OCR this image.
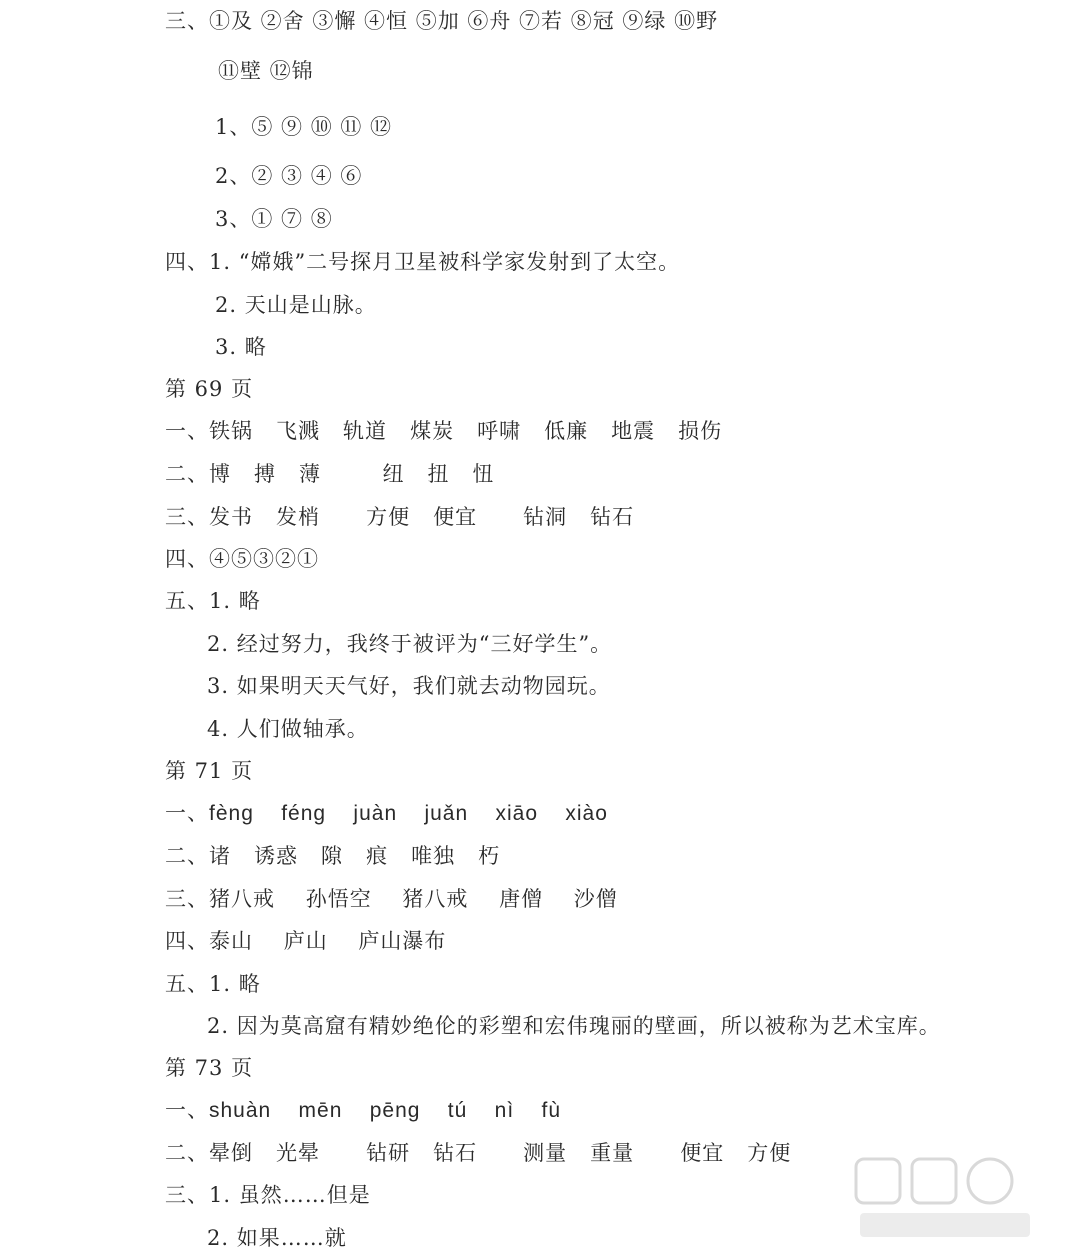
三、①及 ②舍 ③懈 ④恒 ⑤加 ⑥舟 ⑦若 ⑧冠 ⑨绿 ⑩野
⑪壁 ⑫锦
1、⑤ ⑨ ⑩ ⑪ ⑫
2、② ③ ④ ⑥
3、① ⑦ ⑧
四、1. “嫦娥”二号探月卫星被科学家发射到了太空。
2. 天山是山脉。
3. 略
第 69 页
一、铁锅   飞溅   轨道   煤炭   呼啸   低廉   地震   损伤
二、博   搏   薄        纽   扭   忸
三、发书   发梢      方便   便宜      钻洞   钻石
四、④⑤③②①
五、1. 略
2. 经过努力，我终于被评为“三好学生”。
3. 如果明天天气好，我们就去动物园玩。
4. 人们做轴承。
第 71 页
一、fèng    féng    juàn    juǎn    xiāo    xiào
二、诸   诱惑   隙   痕   唯独   朽
三、猪八戒    孙悟空    猪八戒    唐僧    沙僧
四、泰山    庐山    庐山瀑布
五、1. 略
2. 因为莫高窟有精妙绝伦的彩塑和宏伟瑰丽的壁画，所以被称为艺术宝库。
第 73 页
一、shuàn    mēn    pēng    tú    nì    fù
二、晕倒   光晕      钻研   钻石      测量   重量      便宜   方便
三、1. 虽然……但是
2. 如果……就
